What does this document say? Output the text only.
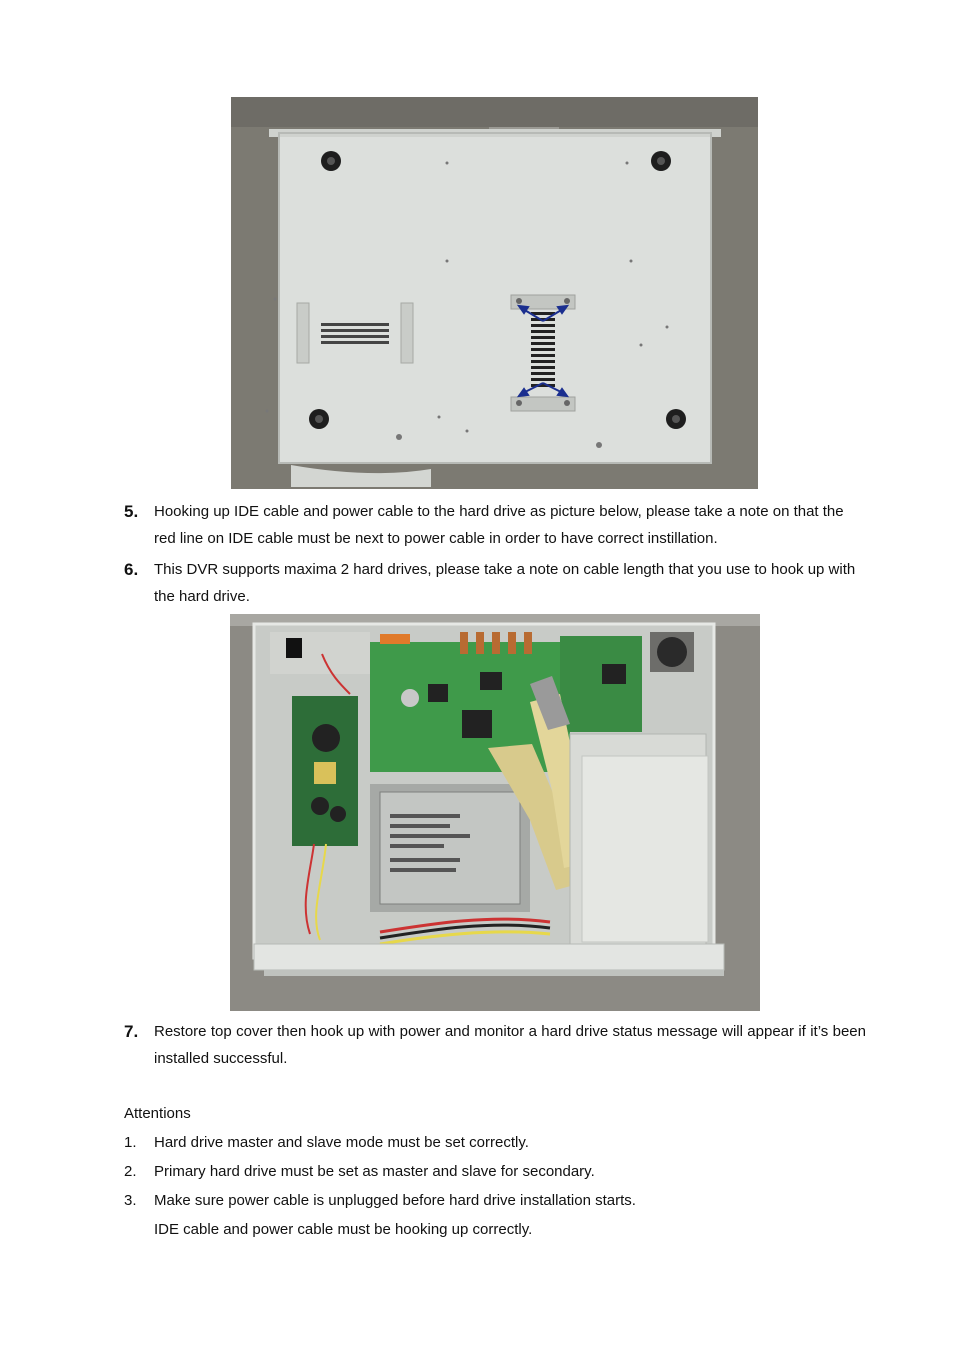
5. Hooking up IDE cable and power cable to the hard drive as picture below, please take a note on that the red line on IDE cable must be next to power cable in order to have correct instillation.
6. This DVR supports maxima 2 hard drives, please take a note on cable length that you use to hook up with the hard drive.
7. Restore top cover then hook up with power and monitor a hard drive status message will appear if it’s been installed successful.
Attentions
1. Hard drive master and slave mode must be set correctly.
2. Primary hard drive must be set as master and slave for secondary.
3. Make sure power cable is unplugged before hard drive installation starts.
IDE cable and power cable must be hooking up correctly.
